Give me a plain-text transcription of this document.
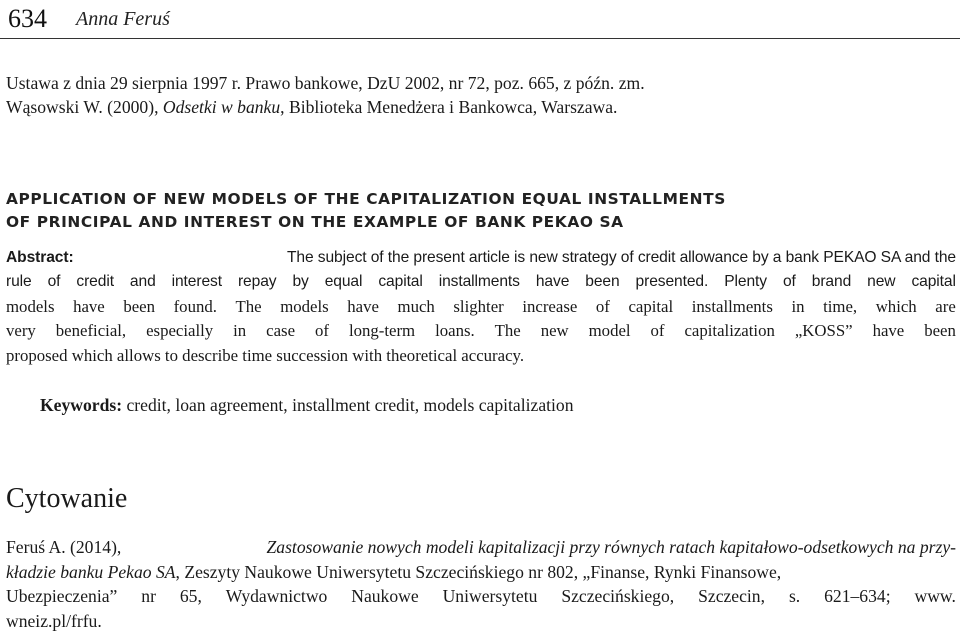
634	Anna Feruś
Ustawa z dnia 29 sierpnia 1997 r. Prawo bankowe, DzU 2002, nr 72, poz. 665, z późn. zm.
Wąsowski W. (2000), Odsetki w banku, Biblioteka Menedżera i Bankowca, Warszawa.
APPLICATION OF NEW MODELS OF THE CAPITALIZATION EQUAL INSTALLMENTS
OF PRINCIPAL AND INTEREST ON THE EXAMPLE OF BANK PEKAO SA
Abstract:	The subject of the present article is new strategy of credit allowance by a bank PEKAO SA and the
rule of credit and interest repay by equal capital installments have been presented. Plenty of brand new capital
models have been found. The models have much slighter increase of capital installments in time, which are
very beneficial, especially in case of long-term loans. The new model of capitalization „KOSS” have been
proposed which allows to describe time succession with theoretical accuracy.
Keywords: credit, loan agreement, installment credit, models capitalization
Cytowanie
Feruś A. (2014),	Zastosowanie nowych modeli kapitalizacji przy równych ratach kapitałowo-odsetkowych na przy-
kładzie banku Pekao SA, Zeszyty Naukowe Uniwersytetu Szczecińskiego nr 802, „Finanse, Rynki Finansowe,
Ubezpieczenia” nr 65, Wydawnictwo Naukowe Uniwersytetu Szczecińskiego, Szczecin, s. 621–634; www.
wneiz.pl/frfu.
